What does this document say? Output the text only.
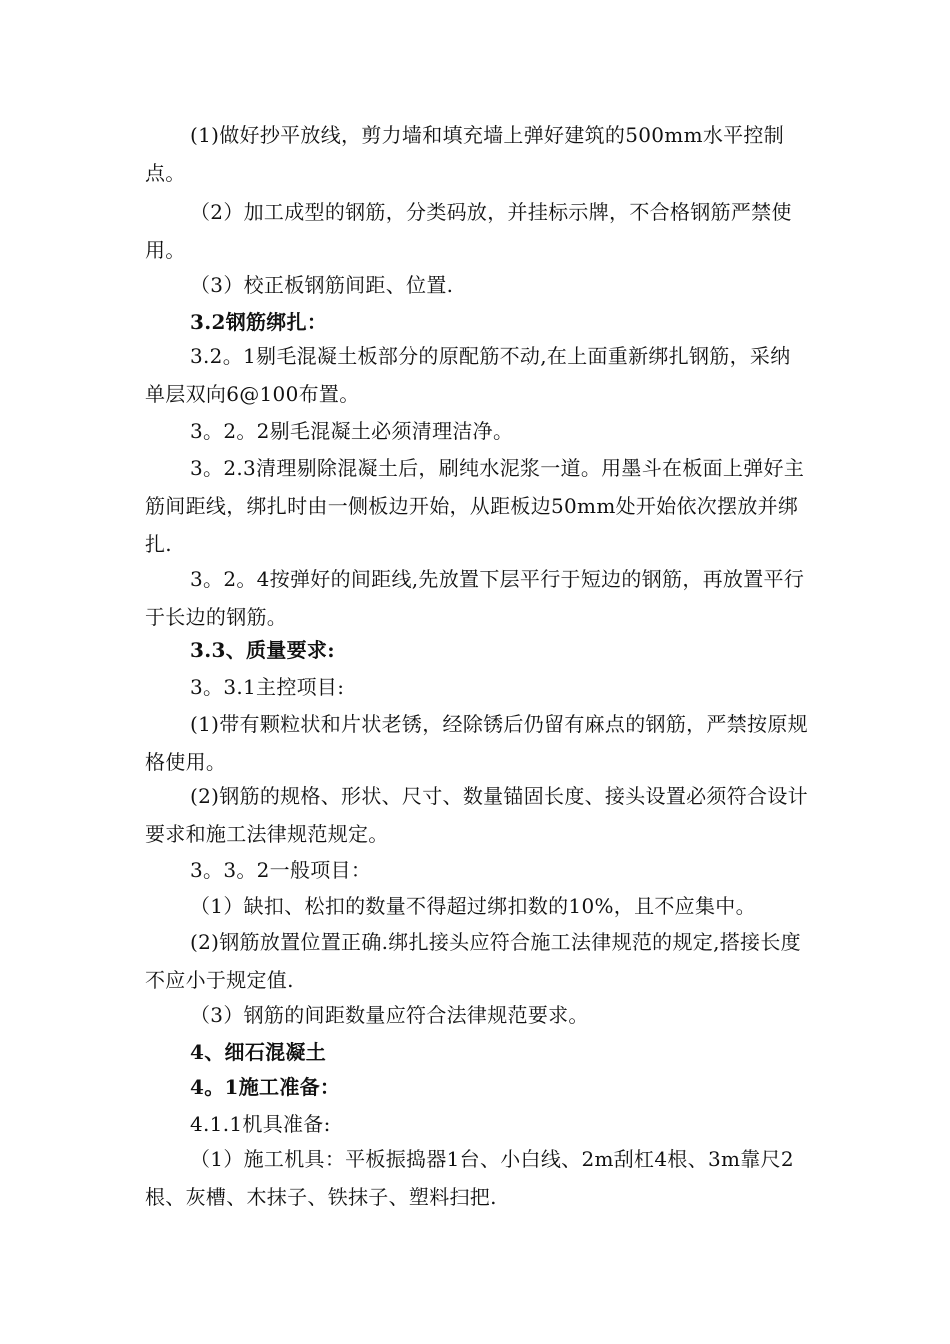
(1)做好抄平放线，剪力墙和填充墙上弹好建筑的500mm水平控制点。

（2）加工成型的钢筋，分类码放，并挂标示牌，不合格钢筋严禁使用。

（3）校正板钢筋间距、位置.

3.2钢筋绑扎：

3.2。1剔毛混凝土板部分的原配筋不动,在上面重新绑扎钢筋，采纳单层双向6@100布置。

3。2。2剔毛混凝土必须清理洁净。

3。2.3清理剔除混凝土后，刷纯水泥浆一道。用墨斗在板面上弹好主筋间距线，绑扎时由一侧板边开始，从距板边50mm处开始依次摆放并绑扎.

3。2。4按弹好的间距线,先放置下层平行于短边的钢筋，再放置平行于长边的钢筋。

3.3、质量要求:

3。3.1主控项目:

(1)带有颗粒状和片状老锈，经除锈后仍留有麻点的钢筋，严禁按原规格使用。

(2)钢筋的规格、形状、尺寸、数量锚固长度、接头设置必须符合设计要求和施工法律规范规定。

3。3。2一般项目：

（1）缺扣、松扣的数量不得超过绑扣数的10%，且不应集中。

(2)钢筋放置位置正确.绑扎接头应符合施工法律规范的规定,搭接长度不应小于规定值.

（3）钢筋的间距数量应符合法律规范要求。

4、细石混凝土

4。1施工准备：

4.1.1机具准备:

（1）施工机具：平板振捣器1台、小白线、2m刮杠4根、3m靠尺2根、灰槽、木抹子、铁抹子、塑料扫把.
